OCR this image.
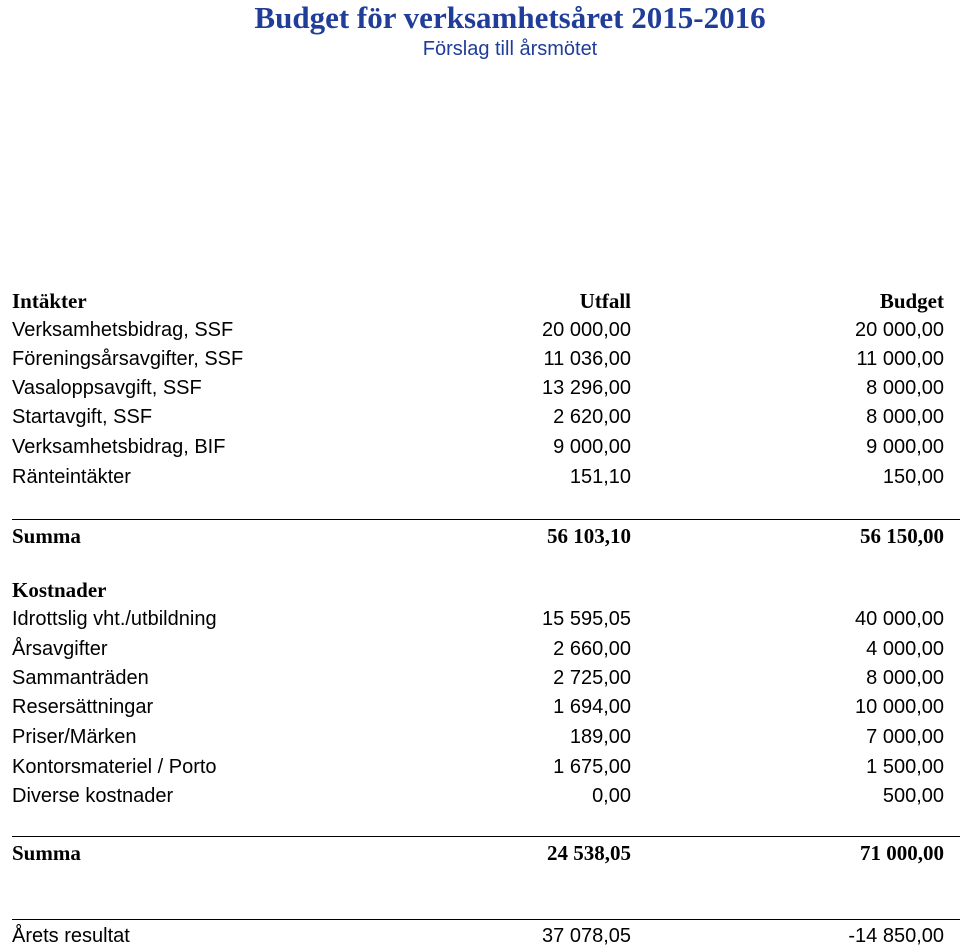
Budget för verksamhetsåret 2015-2016
Förslag till årsmötet
Intäkter	Utfall	Budget
Verksamhetsbidrag, SSF	20 000,00	20 000,00
Föreningsårsavgifter, SSF	11 036,00	11 000,00
Vasaloppsavgift, SSF	13 296,00	8 000,00
Startavgift, SSF	2 620,00	8 000,00
Verksamhetsbidrag, BIF	9 000,00	9 000,00
Ränteintäkter	151,10	150,00
Summa	56 103,10	56 150,00
Kostnader
Idrottslig vht./utbildning	15 595,05	40 000,00
Årsavgifter	2 660,00	4 000,00
Sammanträden	2 725,00	8 000,00
Resersättningar	1 694,00	10 000,00
Priser/Märken	189,00	7 000,00
Kontorsmateriel / Porto	1 675,00	1 500,00
Diverse kostnader	0,00	500,00
Summa	24 538,05	71 000,00
Årets resultat	37 078,05	-14 850,00
